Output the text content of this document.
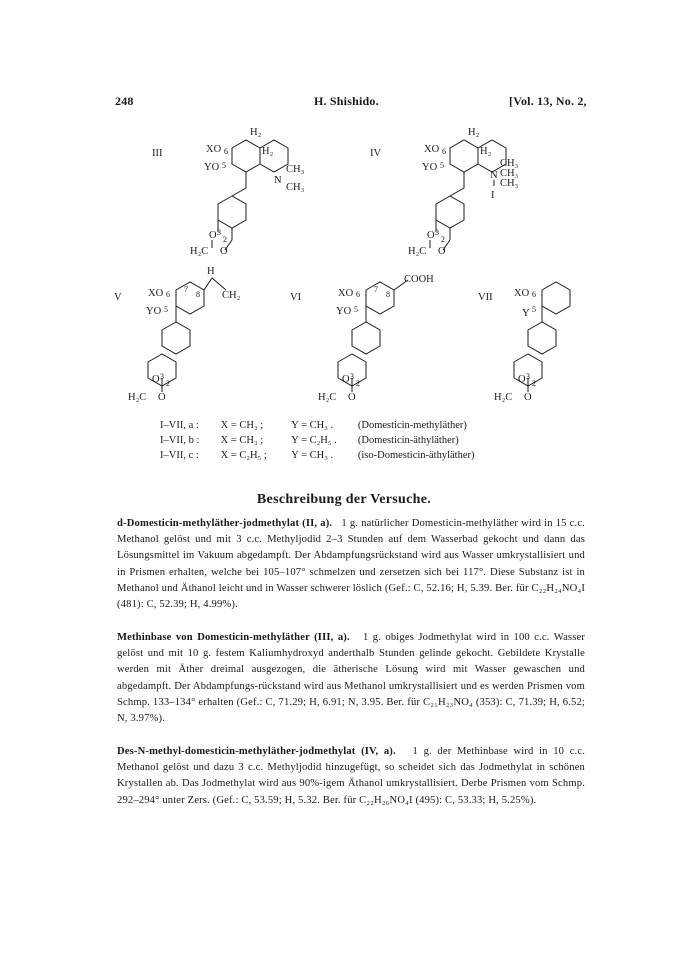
248	H. Shishido.	[Vol. 13, No. 2,
III	XO 6
YO 5
H₂
H₂
N
CH₃
CH₃
O 3
2
H₂C O
IV	XO 6
YO 5
H₂
H₂
N
CH₃
CH₃
CH₃
I
O 3
2
H₂C O
V	XO 6
7
8
YO 5
H
CH₂
O 3
2
H₂C O
VI	XO 6
7
8
YO 5
COOH
O 3
2
H₂C O
VII XO 6
Y 5
O 3
2
H₂C O
I–VII, a : X = CH₃ ;	Y = CH₃ . (Domesticin-methyläther)
I–VII, b : X = CH₃ ;	Y = C₂H₅ . (Domesticin-äthyläther)
I–VII, c : X = C₂H₅ ; Y = CH₃ . (iso-Domesticin-äthyläther)
Beschreibung der Versuche.
d-Domesticin-methyläther-jodmethylat (II, a). 1 g. natürlicher Domesticin-methyläther wird in 15 c.c. Methanol gelöst und mit 3 c.c. Methyljodid 2–3 Stunden auf dem Wasserbad gekocht und dann das Lösungsmittel im Vakuum abgedampft. Der Abdampfungsrückstand wird aus Wasser umkrystallisiert und in Prismen erhalten, welche bei 105–107° schmelzen und zersetzen sich bei 117°. Diese Substanz ist in Methanol und Äthanol leicht und in Wasser schwerer löslich (Gef.: C, 52.16; H, 5.39. Ber. für C₂₂H₂₄NO₄I (481): C, 52.39; H, 4.99%).
Methinbase von Domesticin-methyläther (III, a). 1 g. obiges Jodmethylat wird in 100 c.c. Wasser gelöst und mit 10 g. festem Kaliumhydroxyd anderthalb Stunden gelinde gekocht. Gebildete Krystalle werden mit Äther dreimal ausgezogen, die ätherische Lösung wird mit Wasser gewaschen und abgedampft. Der Abdampfungs-rückstand wird aus Methanol umkrystallisiert und es werden Prismen vom Schmp. 133–134° erhalten (Gef.: C, 71.29; H, 6.91; N, 3.95. Ber. für C₂₁H₂₃NO₄ (353): C, 71.39; H, 6.52; N, 3.97%).
Des-N-methyl-domesticin-methyläther-jodmethylat (IV, a). 1 g. der Methinbase wird in 10 c.c. Methanol gelöst und dazu 3 c.c. Methyljodid hinzugefügt, so scheidet sich das Jodmethylat in schönen Krystallen ab. Das Jodmethylat wird aus 90%-igem Äthanol umkrystallisiert. Derbe Prismen vom Schmp. 292–294° unter Zers. (Gef.: C, 53.59; H, 5.32. Ber. für C₂₂H₂₆NO₄I (495): C, 53.33; H, 5.25%).
